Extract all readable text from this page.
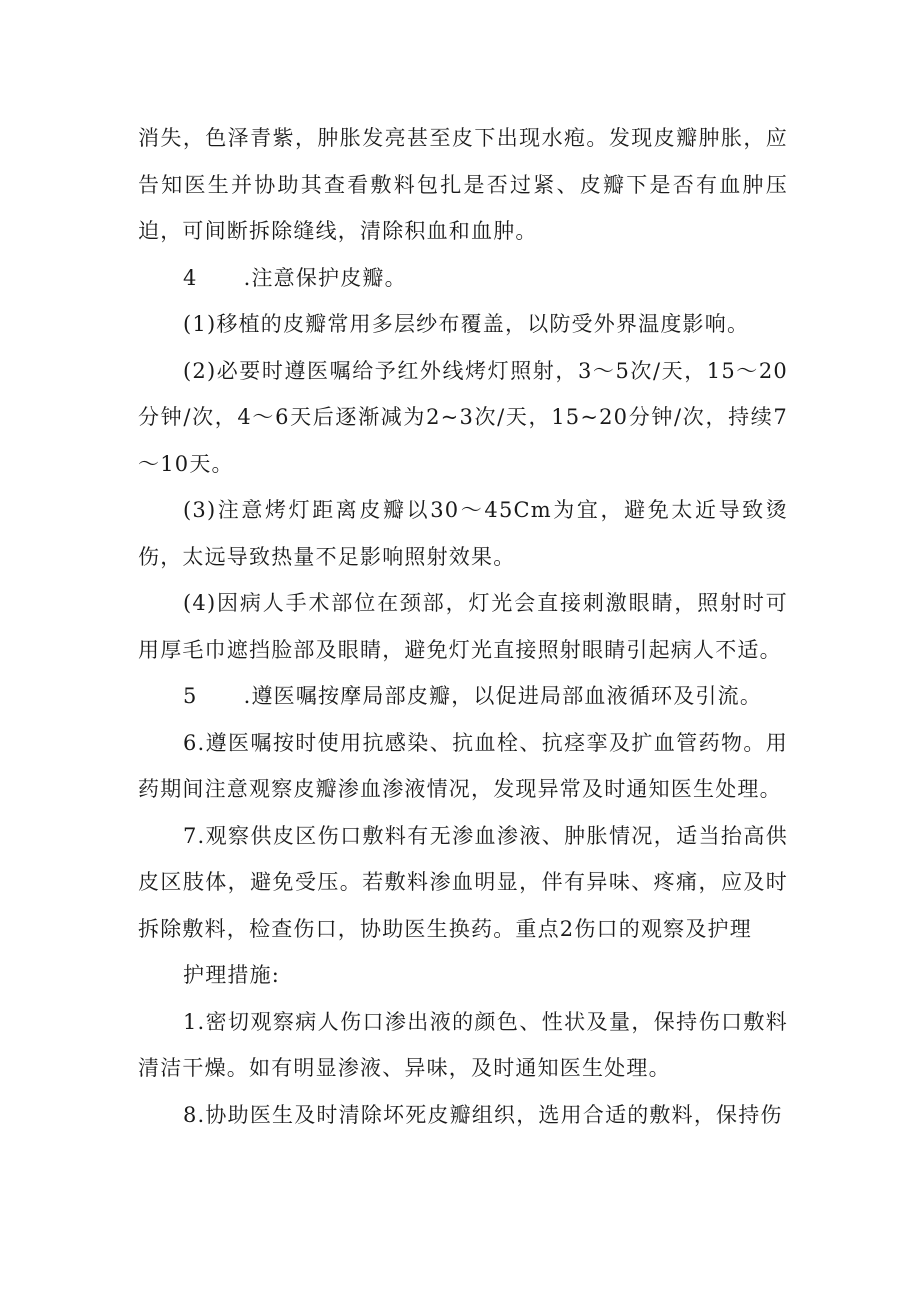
消失，色泽青紫，肿胀发亮甚至皮下出现水疱。发现皮瓣肿胀，应告知医生并协助其查看敷料包扎是否过紧、皮瓣下是否有血肿压迫，可间断拆除缝线，清除积血和血肿。

4 .注意保护皮瓣。

(1)移植的皮瓣常用多层纱布覆盖，以防受外界温度影响。

(2)必要时遵医嘱给予红外线烤灯照射，3～5次/天，15～20分钟/次，4～6天后逐渐减为2~3次/天，15~20分钟/次，持续7～10天。

(3)注意烤灯距离皮瓣以30～45Cm为宜，避免太近导致烫伤，太远导致热量不足影响照射效果。

(4)因病人手术部位在颈部，灯光会直接刺激眼睛，照射时可用厚毛巾遮挡脸部及眼睛，避免灯光直接照射眼睛引起病人不适。

5 .遵医嘱按摩局部皮瓣，以促进局部血液循环及引流。

6.遵医嘱按时使用抗感染、抗血栓、抗痉挛及扩血管药物。用药期间注意观察皮瓣渗血渗液情况，发现异常及时通知医生处理。

7.观察供皮区伤口敷料有无渗血渗液、肿胀情况，适当抬高供皮区肢体，避免受压。若敷料渗血明显，伴有异味、疼痛，应及时拆除敷料，检查伤口，协助医生换药。重点2伤口的观察及护理

护理措施:

1.密切观察病人伤口渗出液的颜色、性状及量，保持伤口敷料清洁干燥。如有明显渗液、异味，及时通知医生处理。

8.协助医生及时清除坏死皮瓣组织，选用合适的敷料，保持伤
